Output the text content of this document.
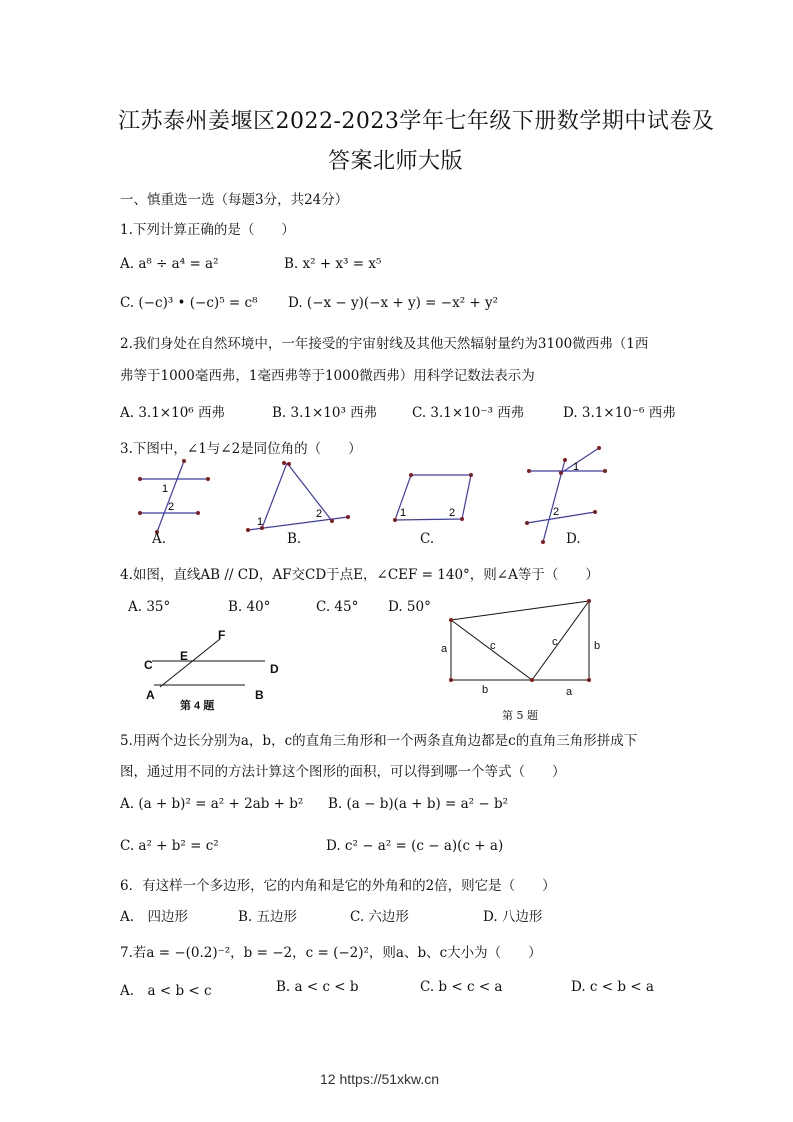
江苏泰州姜堰区2022-2023学年七年级下册数学期中试卷及
答案北师大版
一、慎重选一选（每题3分，共24分）
1.下列计算正确的是（　　）
A. a⁸ ÷ a⁴ = a²	B. x² + x³ = x⁵
C. (−c)³ • (−c)⁵ = c⁸ D. (−x − y)(−x + y) = −x² + y²
2.我们身处在自然环境中，一年接受的宇宙射线及其他天然辐射量约为3100微西弗（1西
弗等于1000毫西弗，1毫西弗等于1000微西弗）用科学记数法表示为
A. 3.1×10⁶ 西弗	B. 3.1×10³ 西弗	C. 3.1×10⁻³ 西弗	D. 3.1×10⁻⁶ 西弗
3.下图中，∠1与∠2是同位角的（　　）
1
2
A.
1
2
B.
1	2
C.
1
2
D.
4.如图，直线AB // CD，AF交CD于点E，∠CEF = 140°，则∠A等于（　　）
A. 35°	B. 40°	C. 45° D. 50°
F
E
C	D
A	B
第 4 题
a	c	c	b
b	a
第 5 题
5.用两个边长分别为a，b，c的直角三角形和一个两条直角边都是c的直角三角形拼成下
图，通过用不同的方法计算这个图形的面积，可以得到哪一个等式（　　）
A. (a + b)² = a² + 2ab + b² B. (a − b)(a + b) = a² − b²
C. a² + b² = c²	D. c² − a² = (c − a)(c + a)
6．有这样一个多边形，它的内角和是它的外角和的2倍，则它是（　　）
A.　四边形	B. 五边形	C. 六边形	D. 八边形
7.若a = −(0.2)⁻²，b = −2，c = (−2)²，则a、b、c大小为（　　）
A.　a < b < c	B. a < c < b	C. b < c < a	D. c < b < a
12 https://51xkw.cn
